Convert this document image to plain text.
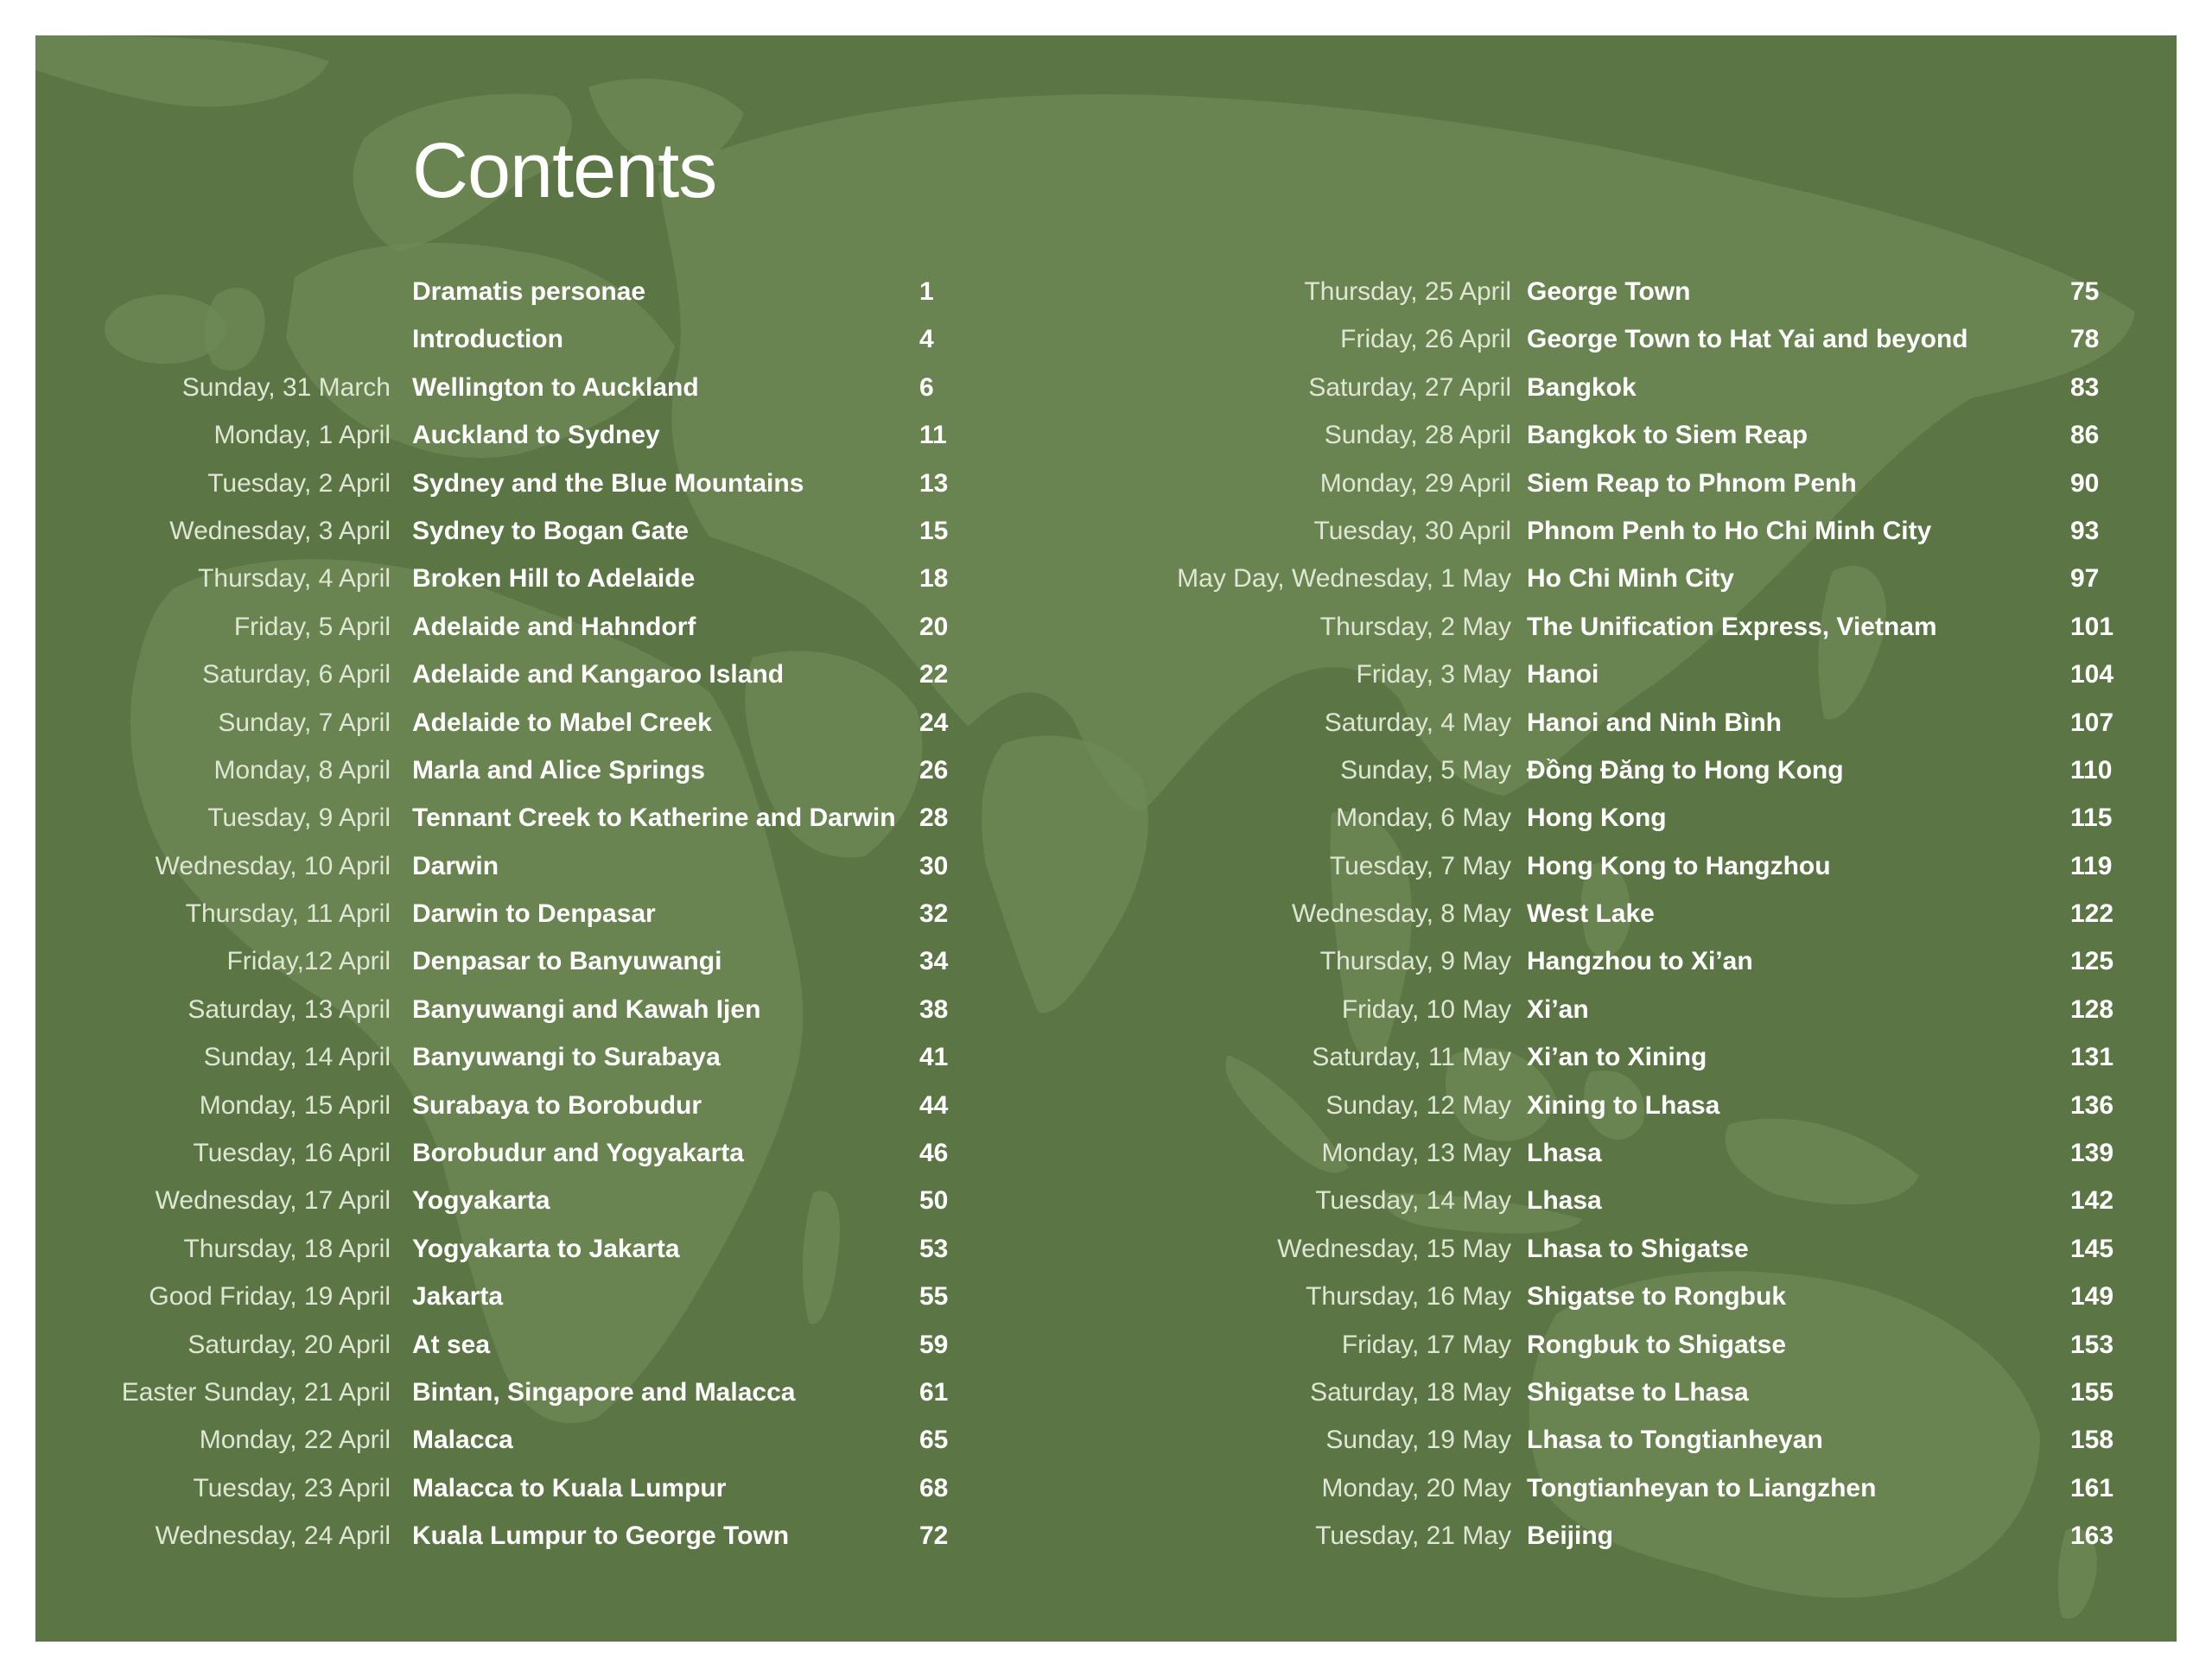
Contents
Dramatis personae	1
Introduction	4
Sunday, 31 March Wellington to Auckland	6
Monday, 1 April Auckland to Sydney	11
Tuesday, 2 April Sydney and the Blue Mountains	13
Wednesday, 3 April Sydney to Bogan Gate	15
Thursday, 4 April Broken Hill to Adelaide	18
Friday, 5 April Adelaide and Hahndorf	20
Saturday, 6 April Adelaide and Kangaroo Island	22
Sunday, 7 April Adelaide to Mabel Creek	24
Monday, 8 April Marla and Alice Springs	26
Tuesday, 9 April Tennant Creek to Katherine and Darwin 28
Wednesday, 10 April Darwin	30
Thursday, 11 April Darwin to Denpasar	32
Friday,12 April Denpasar to Banyuwangi	34
Saturday, 13 April Banyuwangi and Kawah Ijen	38
Sunday, 14 April Banyuwangi to Surabaya	41
Monday, 15 April Surabaya to Borobudur	44
Tuesday, 16 April Borobudur and Yogyakarta	46
Wednesday, 17 April Yogyakarta	50
Thursday, 18 April Yogyakarta to Jakarta	53
Good Friday, 19 April Jakarta	55
Saturday, 20 April At sea	59
Easter Sunday, 21 April Bintan, Singapore and Malacca	61
Monday, 22 April Malacca	65
Tuesday, 23 April Malacca to Kuala Lumpur	68
Wednesday, 24 April Kuala Lumpur to George Town	72
Thursday, 25 April George Town	75
Friday, 26 April George Town to Hat Yai and beyond	78
Saturday, 27 April Bangkok	83
Sunday, 28 April Bangkok to Siem Reap	86
Monday, 29 April Siem Reap to Phnom Penh	90
Tuesday, 30 April Phnom Penh to Ho Chi Minh City	93
May Day, Wednesday, 1 May Ho Chi Minh City	97
Thursday, 2 May The Unification Express, Vietnam	101
Friday, 3 May Hanoi	104
Saturday, 4 May Hanoi and Ninh Bình	107
Sunday, 5 May Đồng Đăng to Hong Kong	110
Monday, 6 May Hong Kong	115
Tuesday, 7 May Hong Kong to Hangzhou	119
Wednesday, 8 May West Lake	122
Thursday, 9 May Hangzhou to Xi’an	125
Friday, 10 May Xi’an	128
Saturday, 11 May Xi’an to Xining	131
Sunday, 12 May Xining to Lhasa	136
Monday, 13 May Lhasa	139
Tuesday, 14 May Lhasa	142
Wednesday, 15 May Lhasa to Shigatse	145
Thursday, 16 May Shigatse to Rongbuk	149
Friday, 17 May Rongbuk to Shigatse	153
Saturday, 18 May Shigatse to Lhasa	155
Sunday, 19 May Lhasa to Tongtianheyan	158
Monday, 20 May Tongtianheyan to Liangzhen	161
Tuesday, 21 May Beijing	163
